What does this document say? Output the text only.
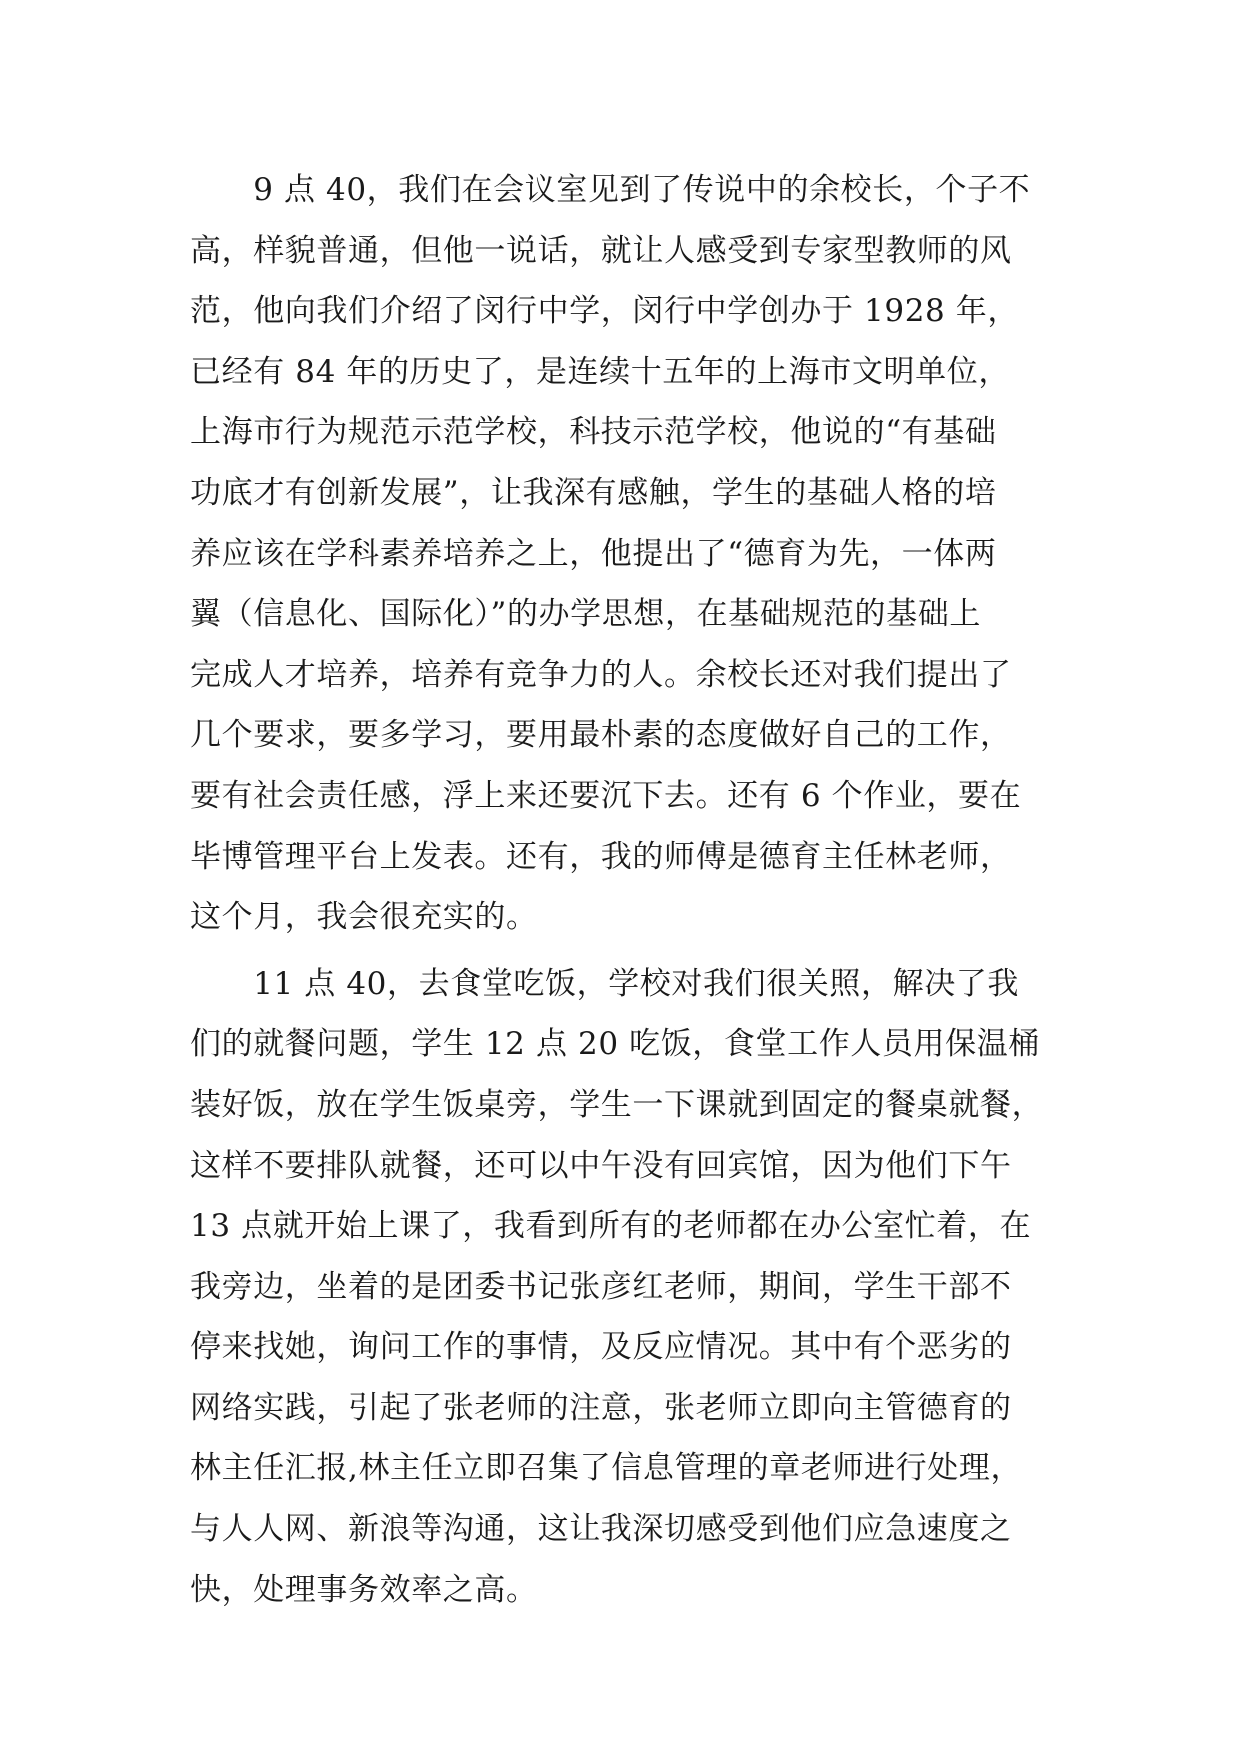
　　9 点 40，我们在会议室见到了传说中的余校长，个子不
高，样貌普通，但他一说话，就让人感受到专家型教师的风
范，他向我们介绍了闵行中学，闵行中学创办于 1928 年，
已经有 84 年的历史了，是连续十五年的上海市文明单位，
上海市行为规范示范学校，科技示范学校，他说的“有基础
功底才有创新发展”，让我深有感触，学生的基础人格的培
养应该在学科素养培养之上，他提出了“德育为先，一体两
翼（信息化、国际化）”的办学思想，在基础规范的基础上
完成人才培养，培养有竞争力的人。余校长还对我们提出了
几个要求，要多学习，要用最朴素的态度做好自己的工作，
要有社会责任感，浮上来还要沉下去。还有 6 个作业，要在
毕博管理平台上发表。还有，我的师傅是德育主任林老师，
这个月，我会很充实的。
　　11 点 40，去食堂吃饭，学校对我们很关照，解决了我
们的就餐问题，学生 12 点 20 吃饭，食堂工作人员用保温桶
装好饭，放在学生饭桌旁，学生一下课就到固定的餐桌就餐，
这样不要排队就餐，还可以中午没有回宾馆，因为他们下午
13 点就开始上课了，我看到所有的老师都在办公室忙着，在
我旁边，坐着的是团委书记张彦红老师，期间，学生干部不
停来找她，询问工作的事情，及反应情况。其中有个恶劣的
网络实践，引起了张老师的注意，张老师立即向主管德育的
林主任汇报,林主任立即召集了信息管理的章老师进行处理，
与人人网、新浪等沟通，这让我深切感受到他们应急速度之
快，处理事务效率之高。
